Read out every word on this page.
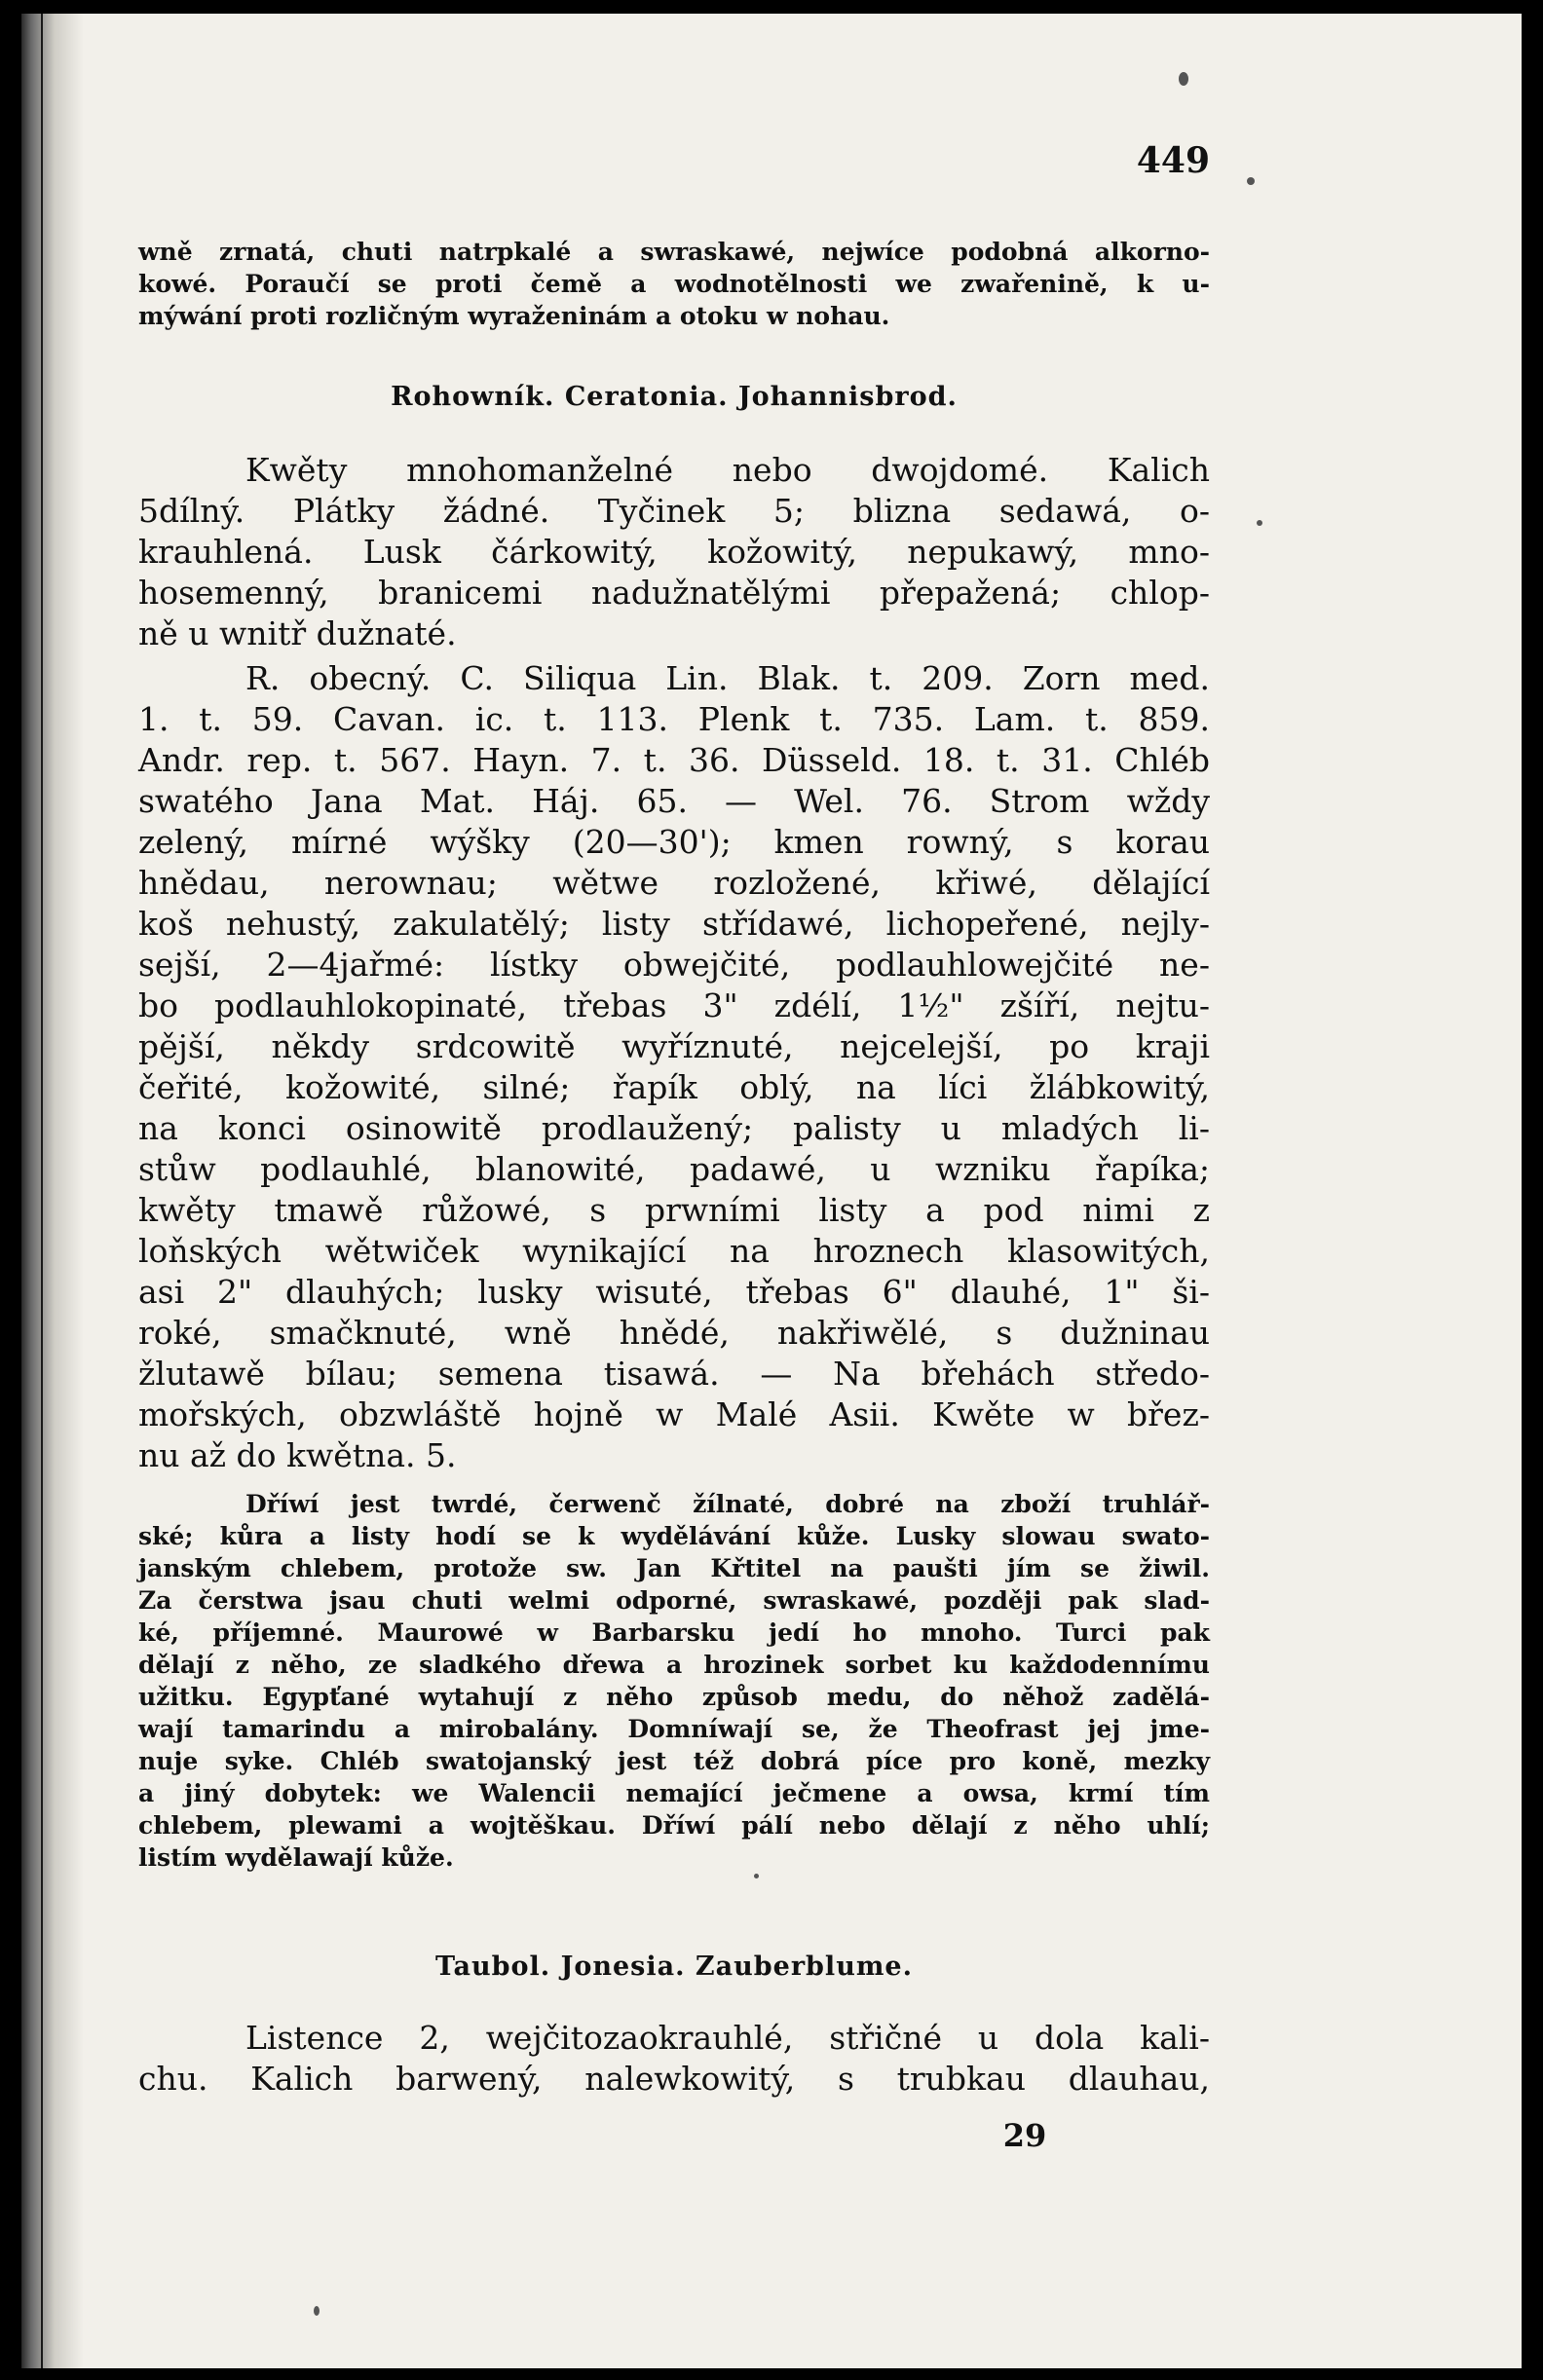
449

wně zrnatá, chuti natrpkalé a swraskawé, nejwíce podobná alkorno-

kowé. Poraučí se proti čemě a wodnotělnosti we zwařenině, k u-

mýwání proti rozličným wyraženinám a otoku w nohau.

Rohowník. Ceratonia. Johannisbrod.

Kwěty mnohomanželné nebo dwojdomé. Kalich

5dílný. Plátky žádné. Tyčinek 5; blizna sedawá, o-

krauhlená. Lusk čárkowitý, kožowitý, nepukawý, mno-

hosemenný, branicemi nadužnatělými přepažená; chlop-

ně u wnitř dužnaté.

R. obecný. C. Siliqua Lin. Blak. t. 209. Zorn med.

1. t. 59. Cavan. ic. t. 113. Plenk t. 735. Lam. t. 859.

Andr. rep. t. 567. Hayn. 7. t. 36. Düsseld. 18. t. 31. Chléb

swatého Jana Mat. Háj. 65. — Wel. 76. Strom wždy

zelený, mírné wýšky (20—30'); kmen rowný, s korau

hnědau, nerownau; wětwe rozložené, křiwé, dělající

koš nehustý, zakulatělý; listy střídawé, lichopeřené, nejly-

sejší, 2—4jařmé: lístky obwejčité, podlauhlowejčité ne-

bo podlauhlokopinaté, třebas 3" zdélí, 1½" zšíří, nejtu-

pější, někdy srdcowitě wyříznuté, nejcelejší, po kraji

čeřité, kožowité, silné; řapík oblý, na líci žlábkowitý,

na konci osinowitě prodlaužený; palisty u mladých li-

stůw podlauhlé, blanowité, padawé, u wzniku řapíka;

kwěty tmawě růžowé, s prwními listy a pod nimi z

loňských wětwiček wynikající na hroznech klasowitých,

asi 2" dlauhých; lusky wisuté, třebas 6" dlauhé, 1" ši-

roké, smačknuté, wně hnědé, nakřiwělé, s dužninau

žlutawě bílau; semena tisawá. — Na břehách středo-

mořských, obzwláště hojně w Malé Asii. Kwěte w břez-

nu až do kwětna. 5.

Dříwí jest twrdé, čerwenč žílnaté, dobré na zboží truhlář-

ské; kůra a listy hodí se k wydělávání kůže. Lusky slowau swato-

janským chlebem, protože sw. Jan Křtitel na paušti jím se žiwil.

Za čerstwa jsau chuti welmi odporné, swraskawé, později pak slad-

ké, příjemné. Maurowé w Barbarsku jedí ho mnoho. Turci pak

dělají z něho, ze sladkého dřewa a hrozinek sorbet ku každodennímu

užitku. Egypťané wytahují z něho způsob medu, do něhož zadělá-

wají tamarindu a mirobalány. Domníwají se, že Theofrast jej jme-

nuje syke. Chléb swatojanský jest též dobrá píce pro koně, mezky

a jiný dobytek: we Walencii nemající ječmene a owsa, krmí tím

chlebem, plewami a wojtěškau. Dříwí pálí nebo dělají z něho uhlí;

listím wydělawají kůže.

Taubol. Jonesia. Zauberblume.

Listence 2, wejčitozaokrauhlé, střičné u dola kali-

chu. Kalich barwený, nalewkowitý, s trubkau dlauhau,

29
